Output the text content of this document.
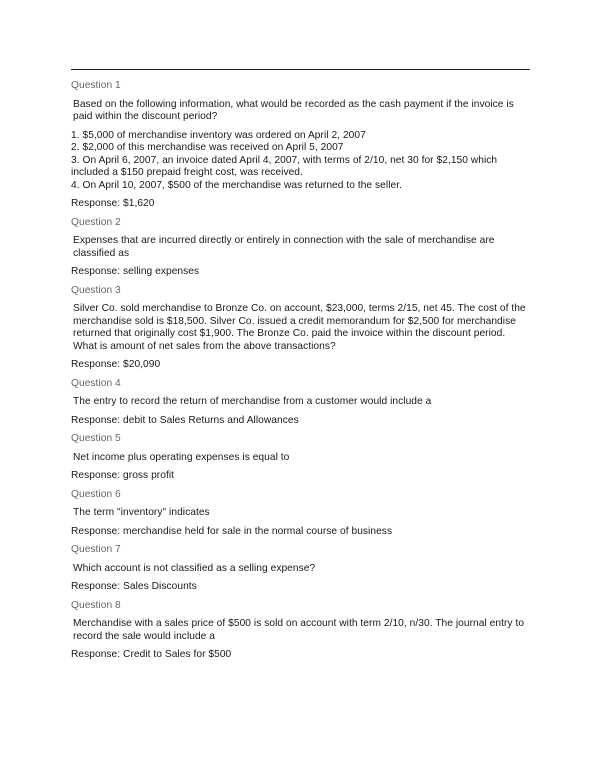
Question 1
Based on the following information, what would be recorded as the cash payment if the invoice is paid within the discount period?
1. $5,000 of merchandise inventory was ordered on April 2, 2007
2. $2,000 of this merchandise was received on April 5, 2007
3. On April 6, 2007, an invoice dated April 4, 2007, with terms of 2/10, net 30 for $2,150 which included a $150 prepaid freight cost, was received.
4. On April 10, 2007, $500 of the merchandise was returned to the seller.
Response: $1,620
Question 2
Expenses that are incurred directly or entirely in connection with the sale of merchandise are classified as
Response: selling expenses
Question 3
Silver Co. sold merchandise to Bronze Co. on account, $23,000, terms 2/15, net 45. The cost of the merchandise sold is $18,500. Silver Co. issued a credit memorandum for $2,500 for merchandise returned that originally cost $1,900. The Bronze Co. paid the invoice within the discount period. What is amount of net sales from the above transactions?
Response: $20,090
Question 4
The entry to record the return of merchandise from a customer would include a
Response: debit to Sales Returns and Allowances
Question 5
Net income plus operating expenses is equal to
Response: gross profit
Question 6
The term "inventory" indicates
Response: merchandise held for sale in the normal course of business
Question 7
Which account is not classified as a selling expense?
Response: Sales Discounts
Question 8
Merchandise with a sales price of $500 is sold on account with term 2/10, n/30. The journal entry to record the sale would include a
Response: Credit to Sales for $500
